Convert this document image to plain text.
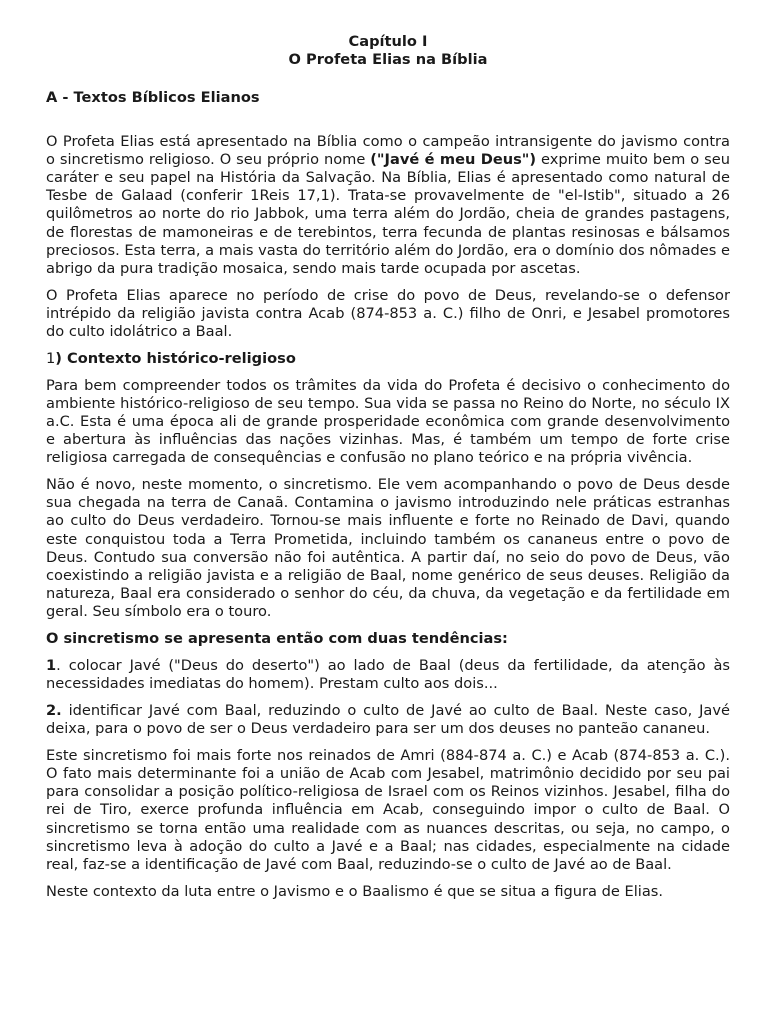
Capítulo I
O Profeta Elias na Bíblia
A - Textos Bíblicos Elianos

O Profeta Elias está apresentado na Bíblia como o campeão intransigente do javismo contra o sincretismo religioso. O seu próprio nome ("Javé é meu Deus") exprime muito bem o seu caráter e seu papel na História da Salvação. Na Bíblia, Elias é apresentado como natural de Tesbe de Galaad (conferir 1Reis 17,1). Trata-se provavelmente de "el-Istib", situado a 26 quilômetros ao norte do rio Jabbok, uma terra além do Jordão, cheia de grandes pastagens, de florestas de mamoneiras e de terebintos, terra fecunda de plantas resinosas e bálsamos preciosos. Esta terra, a mais vasta do território além do Jordão, era o domínio dos nômades e abrigo da pura tradição mosaica, sendo mais tarde ocupada por ascetas.

O Profeta Elias aparece no período de crise do povo de Deus, revelando-se o defensor intrépido da religião javista contra Acab (874-853 a. C.) filho de Onri, e Jesabel promotores do culto idolátrico a Baal.

1) Contexto histórico-religioso

Para bem compreender todos os trâmites da vida do Profeta é decisivo o conhecimento do ambiente histórico-religioso de seu tempo. Sua vida se passa no Reino do Norte, no século IX a.C. Esta é uma época ali de grande prosperidade econômica com grande desenvolvimento e abertura às influências das nações vizinhas. Mas, é também um tempo de forte crise religiosa carregada de consequências e confusão no plano teórico e na própria vivência.

Não é novo, neste momento, o sincretismo. Ele vem acompanhando o povo de Deus desde sua chegada na terra de Canaã. Contamina o javismo introduzindo nele práticas estranhas ao culto do Deus verdadeiro. Tornou-se mais influente e forte no Reinado de Davi, quando este conquistou toda a Terra Prometida, incluindo também os cananeus entre o povo de Deus. Contudo sua conversão não foi autêntica. A partir daí, no seio do povo de Deus, vão coexistindo a religião javista e a religião de Baal, nome genérico de seus deuses. Religião da natureza, Baal era considerado o senhor do céu, da chuva, da vegetação e da fertilidade em geral. Seu símbolo era o touro.

O sincretismo se apresenta então com duas tendências:

1. colocar Javé ("Deus do deserto") ao lado de Baal (deus da fertilidade, da atenção às necessidades imediatas do homem). Prestam culto aos dois...

2. identificar Javé com Baal, reduzindo o culto de Javé ao culto de Baal. Neste caso, Javé deixa, para o povo de ser o Deus verdadeiro para ser um dos deuses no panteão cananeu.

Este sincretismo foi mais forte nos reinados de Amri (884-874 a. C.) e Acab (874-853 a. C.). O fato mais determinante foi a união de Acab com Jesabel, matrimônio decidido por seu pai para consolidar a posição político-religiosa de Israel com os Reinos vizinhos. Jesabel, filha do rei de Tiro, exerce profunda influência em Acab, conseguindo impor o culto de Baal. O sincretismo se torna então uma realidade com as nuances descritas, ou seja, no campo, o sincretismo leva à adoção do culto a Javé e a Baal; nas cidades, especialmente na cidade real, faz-se a identificação de Javé com Baal, reduzindo-se o culto de Javé ao de Baal.

Neste contexto da luta entre o Javismo e o Baalismo é que se situa a figura de Elias.
